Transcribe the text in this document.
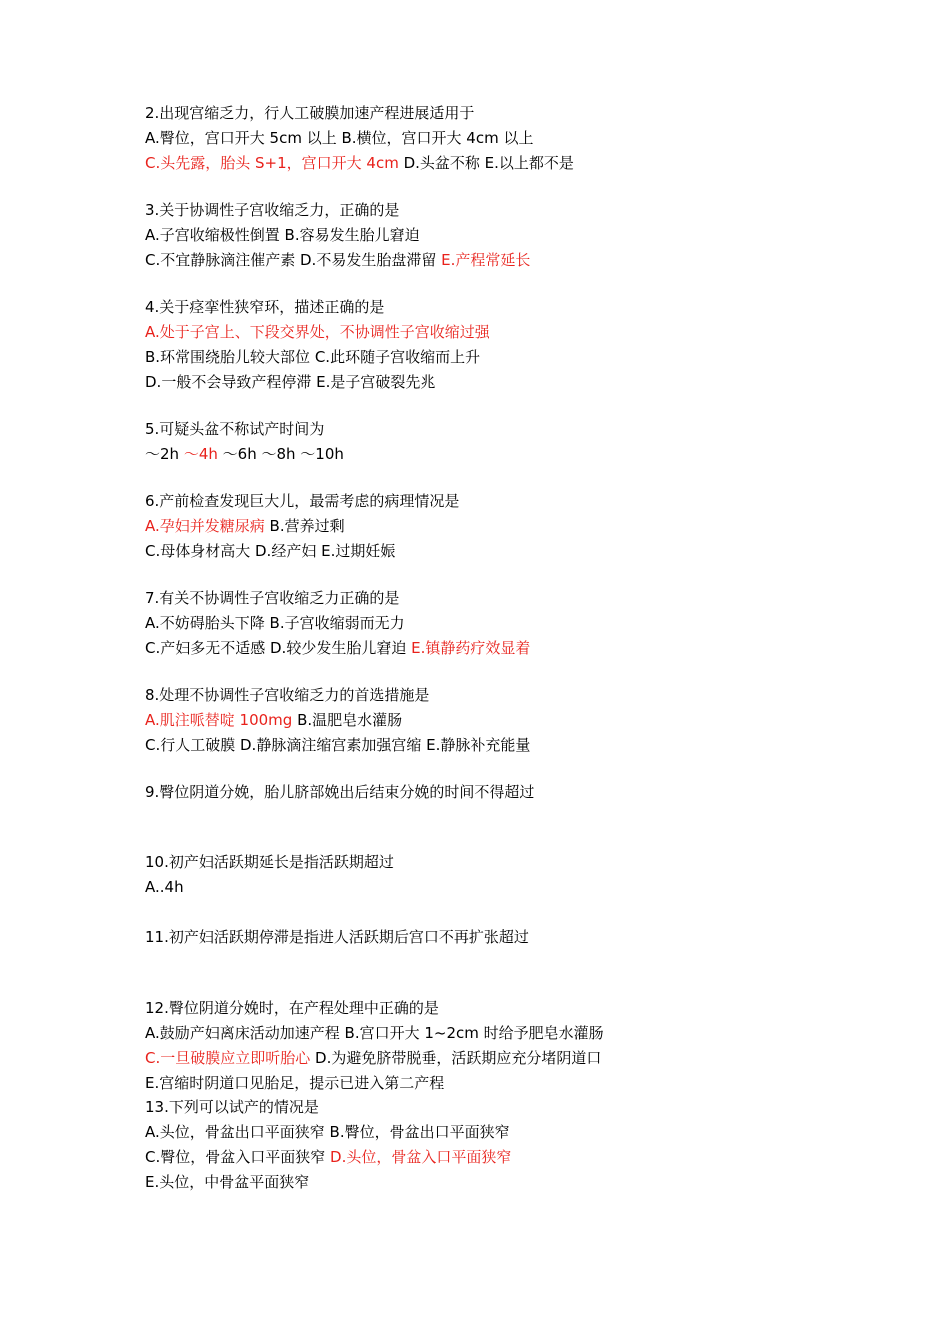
2.出现宫缩乏力，行人工破膜加速产程进展适用于
A.臀位，宫口开大 5cm 以上 B.横位，宫口开大 4cm 以上
C.头先露，胎头 S+1，宫口开大 4cm D.头盆不称 E.以上都不是
3.关于协调性子宫收缩乏力，正确的是
A.子宫收缩极性倒置 B.容易发生胎儿窘迫
C.不宜静脉滴注催产素 D.不易发生胎盘滞留 E.产程常延长
4.关于痉挛性狭窄环，描述正确的是
A.处于子宫上、下段交界处，不协调性子宫收缩过强
B.环常围绕胎儿较大部位 C.此环随子宫收缩而上升
D.一般不会导致产程停滞 E.是子宫破裂先兆
5.可疑头盆不称试产时间为
～2h ～4h ～6h ～8h ～10h
6.产前检查发现巨大儿，最需考虑的病理情况是
A.孕妇并发糖尿病 B.营养过剩
C.母体身材高大 D.经产妇 E.过期妊娠
7.有关不协调性子宫收缩乏力正确的是
A.不妨碍胎头下降 B.子宫收缩弱而无力
C.产妇多无不适感 D.较少发生胎儿窘迫 E.镇静药疗效显着
8.处理不协调性子宫收缩乏力的首选措施是
A.肌注哌替啶 100mg B.温肥皂水灌肠
C.行人工破膜 D.静脉滴注缩宫素加强宫缩 E.静脉补充能量
9.臀位阴道分娩，胎儿脐部娩出后结束分娩的时间不得超过
10.初产妇活跃期延长是指活跃期超过
A..4h
11.初产妇活跃期停滞是指进人活跃期后宫口不再扩张超过
12.臀位阴道分娩时，在产程处理中正确的是
A.鼓励产妇离床活动加速产程 B.宫口开大 1~2cm 时给予肥皂水灌肠
C.一旦破膜应立即听胎心 D.为避免脐带脱垂，活跃期应充分堵阴道口
E.宫缩时阴道口见胎足，提示已进入第二产程
13.下列可以试产的情况是
A.头位，骨盆出口平面狭窄 B.臀位，骨盆出口平面狭窄
C.臀位，骨盆入口平面狭窄 D.头位，骨盆入口平面狭窄
E.头位，中骨盆平面狭窄
